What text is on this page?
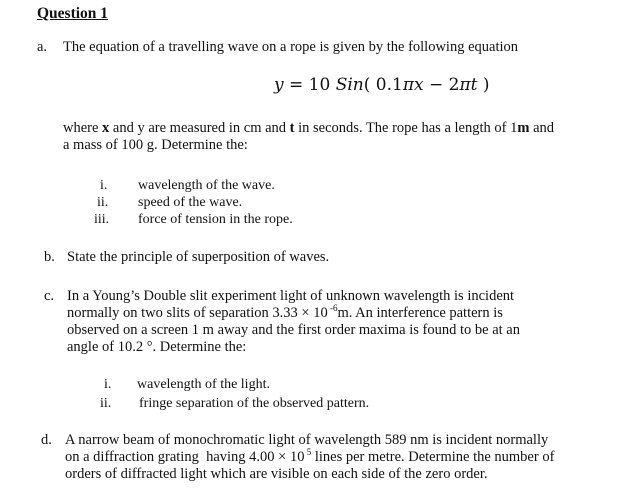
Question 1
a. The equation of a travelling wave on a rope is given by the following equation
y = 10 Sin( 0.1πx − 2πt )
where x and y are measured in cm and t in seconds. The rope has a length of 1m and
a mass of 100 g. Determine the:
i. wavelength of the wave.
ii. speed of the wave.
iii. force of tension in the rope.
b. State the principle of superposition of waves.
c. In a Young’s Double slit experiment light of unknown wavelength is incident
normally on two slits of separation 3.33 × 10 $^{-6}$m. An interference pattern is
observed on a screen 1 m away and the first order maxima is found to be at an
angle of 10.2 °. Determine the:
i. wavelength of the light.
ii. fringe separation of the observed pattern.
d. A narrow beam of monochromatic light of wavelength 589 nm is incident normally
on a diffraction grating  having 4.00 × 10 $^5$ lines per metre. Determine the number of
orders of diffracted light which are visible on each side of the zero order.
